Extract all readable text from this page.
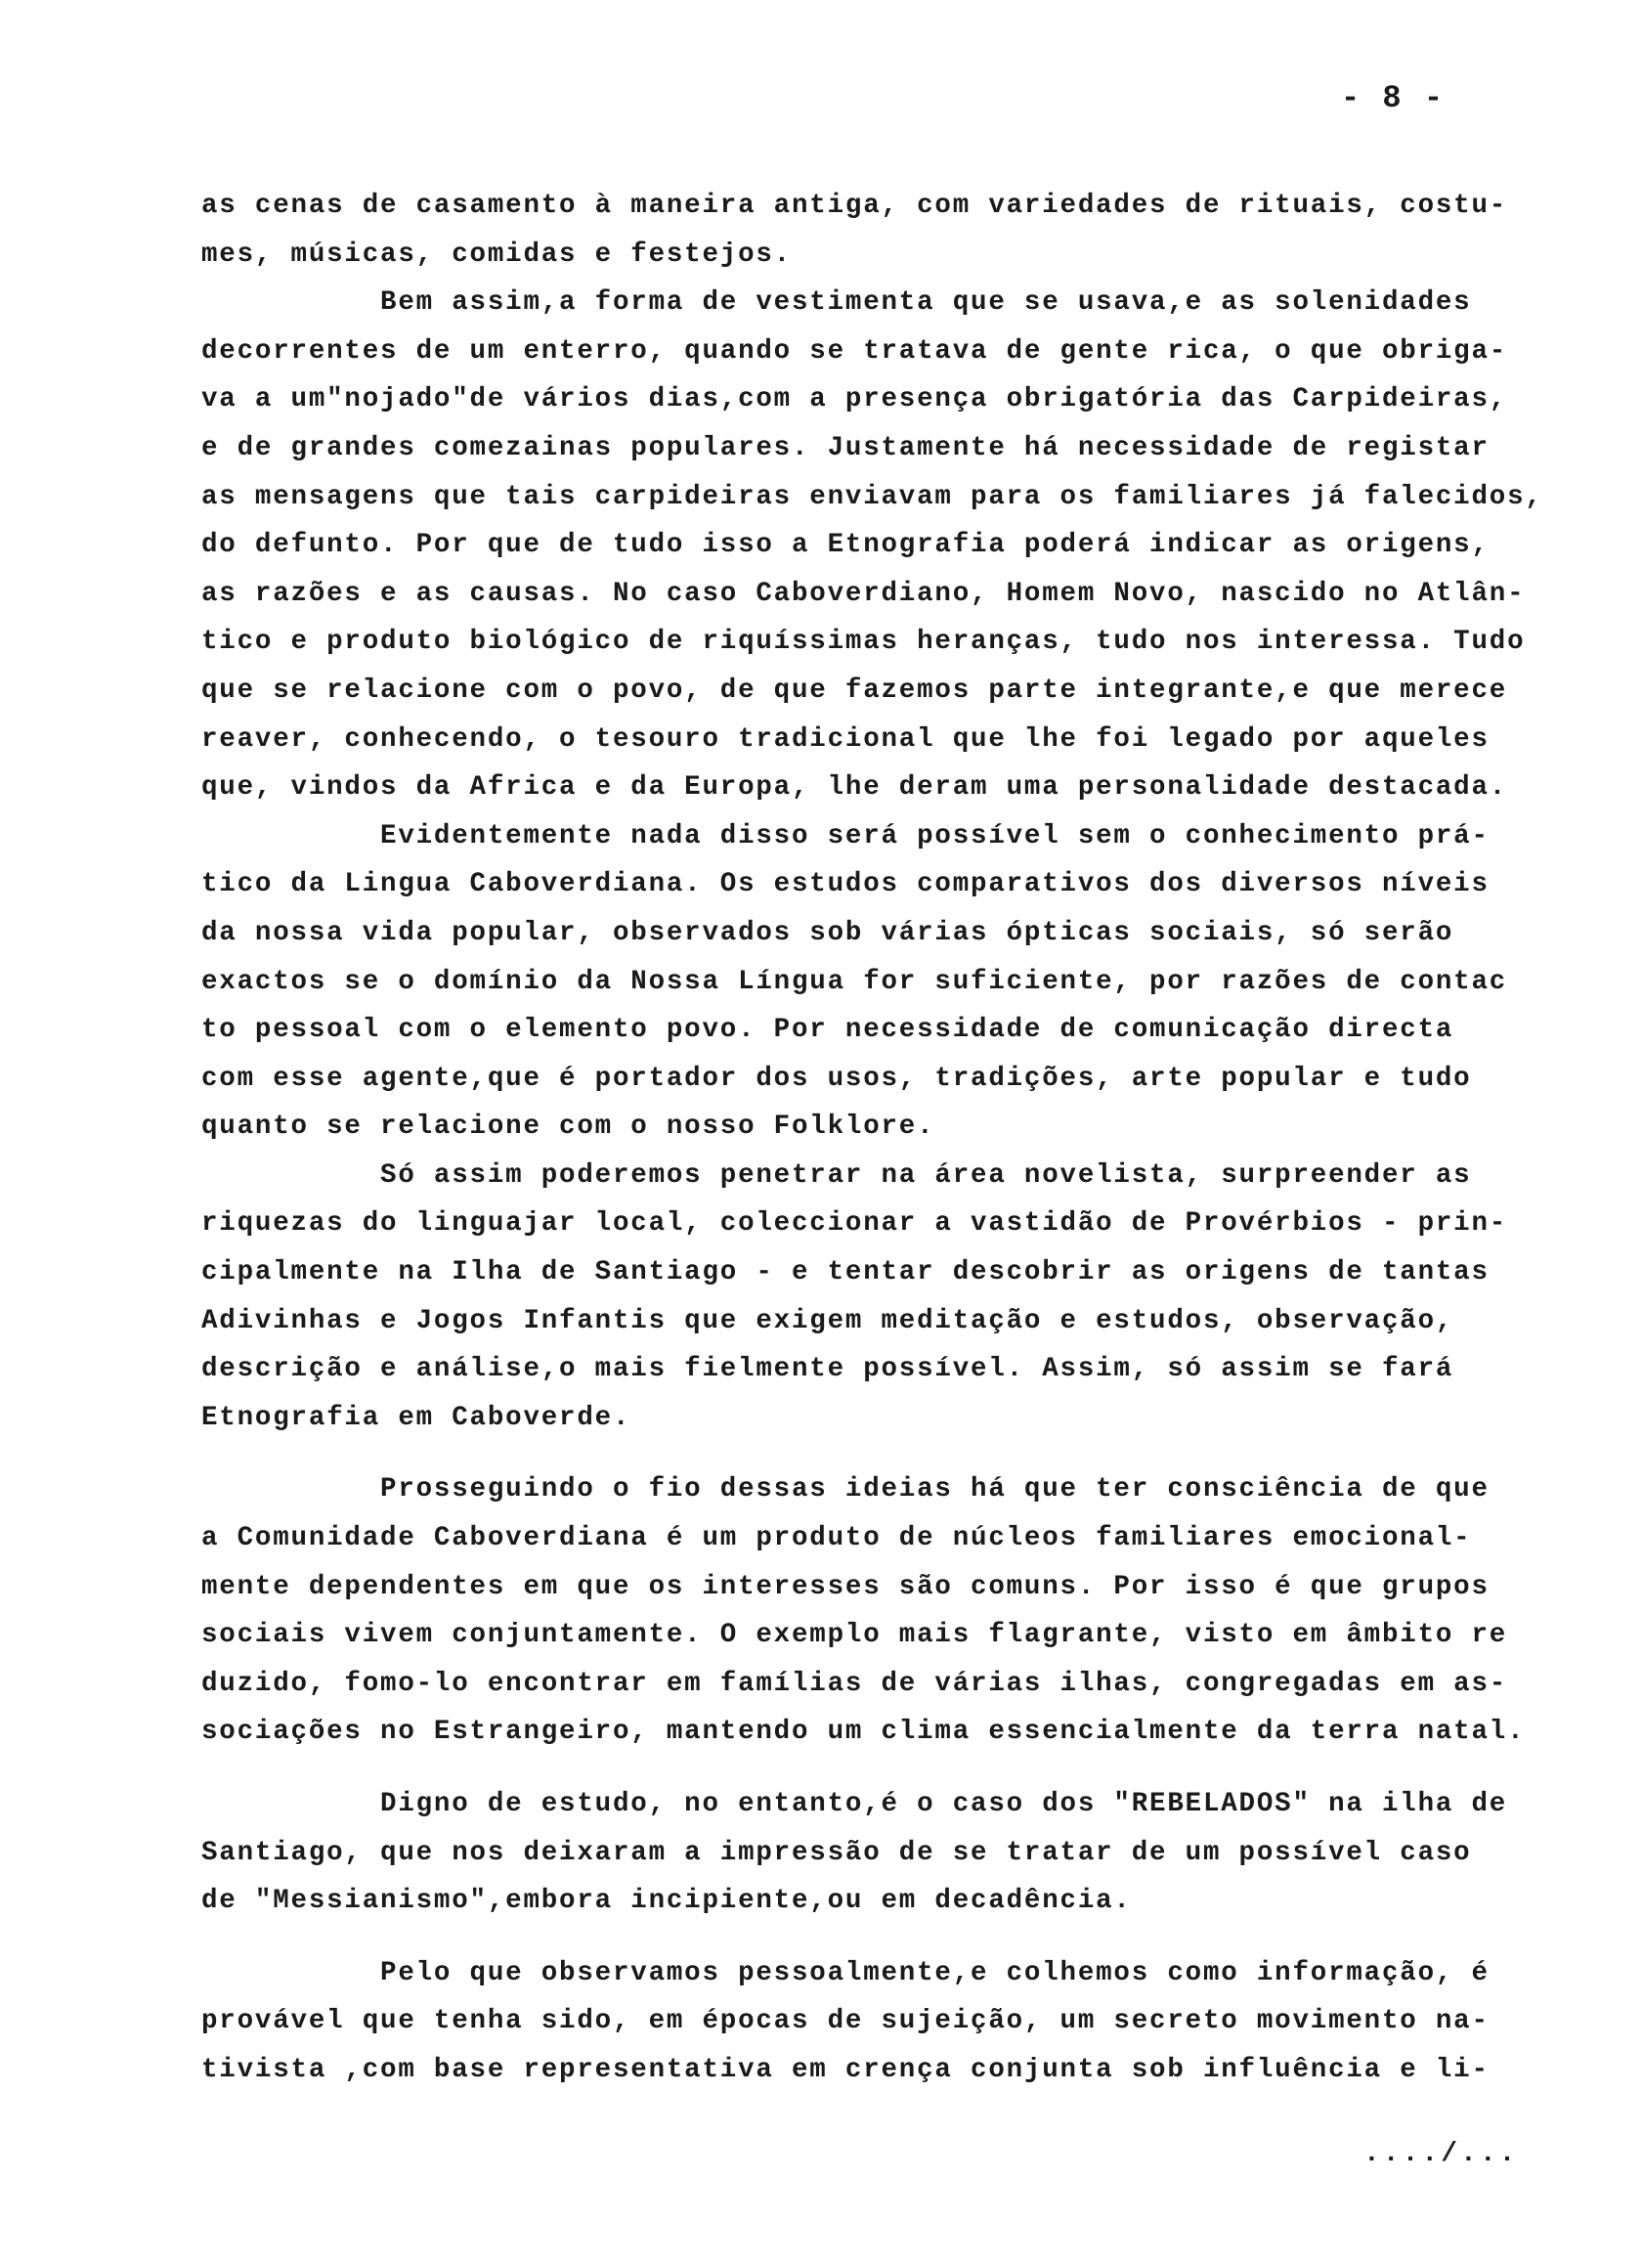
- 8 -
as cenas de casamento à maneira antiga, com variedades de rituais, costu-
mes, músicas, comidas e festejos.
Bem assim,a forma de vestimenta que se usava,e as solenidades
decorrentes de um enterro, quando se tratava de gente rica, o que obriga-
va a um"nojado"de vários dias,com a presença obrigatória das Carpideiras,
e de grandes comezainas populares. Justamente há necessidade de registar
as mensagens que tais carpideiras enviavam para os familiares já falecidos,
do defunto. Por que de tudo isso a Etnografia poderá indicar as origens,
as razões e as causas. No caso Caboverdiano, Homem Novo, nascido no Atlân-
tico e produto biológico de riquíssimas heranças, tudo nos interessa. Tudo
que se relacione com o povo, de que fazemos parte integrante,e que merece
reaver, conhecendo, o tesouro tradicional que lhe foi legado por aqueles
que, vindos da Africa e da Europa, lhe deram uma personalidade destacada.
Evidentemente nada disso será possível sem o conhecimento prá-
tico da Lingua Caboverdiana. Os estudos comparativos dos diversos níveis
da nossa vida popular, observados sob várias ópticas sociais, só serão
exactos se o domínio da Nossa Língua for suficiente, por razões de contac
to pessoal com o elemento povo. Por necessidade de comunicação directa
com esse agente,que é portador dos usos, tradições, arte popular e tudo
quanto se relacione com o nosso Folklore.
Só assim poderemos penetrar na área novelista, surpreender as
riquezas do linguajar local, coleccionar a vastidão de Provérbios - prin-
cipalmente na Ilha de Santiago - e tentar descobrir as origens de tantas
Adivinhas e Jogos Infantis que exigem meditação e estudos, observação,
descrição e análise,o mais fielmente possível. Assim, só assim se fará
Etnografia em Caboverde.
Prosseguindo o fio dessas ideias há que ter consciência de que
a Comunidade Caboverdiana é um produto de núcleos familiares emocional-
mente dependentes em que os interesses são comuns. Por isso é que grupos
sociais vivem conjuntamente. O exemplo mais flagrante, visto em âmbito re
duzido, fomo-lo encontrar em famílias de várias ilhas, congregadas em as-
sociações no Estrangeiro, mantendo um clima essencialmente da terra natal.
Digno de estudo, no entanto,é o caso dos "REBELADOS" na ilha de
Santiago, que nos deixaram a impressão de se tratar de um possível caso
de "Messianismo",embora incipiente,ou em decadência.
Pelo que observamos pessoalmente,e colhemos como informação, é
provável que tenha sido, em épocas de sujeição, um secreto movimento na-
tivista ,com base representativa em crença conjunta sob influência e li-
..../...
